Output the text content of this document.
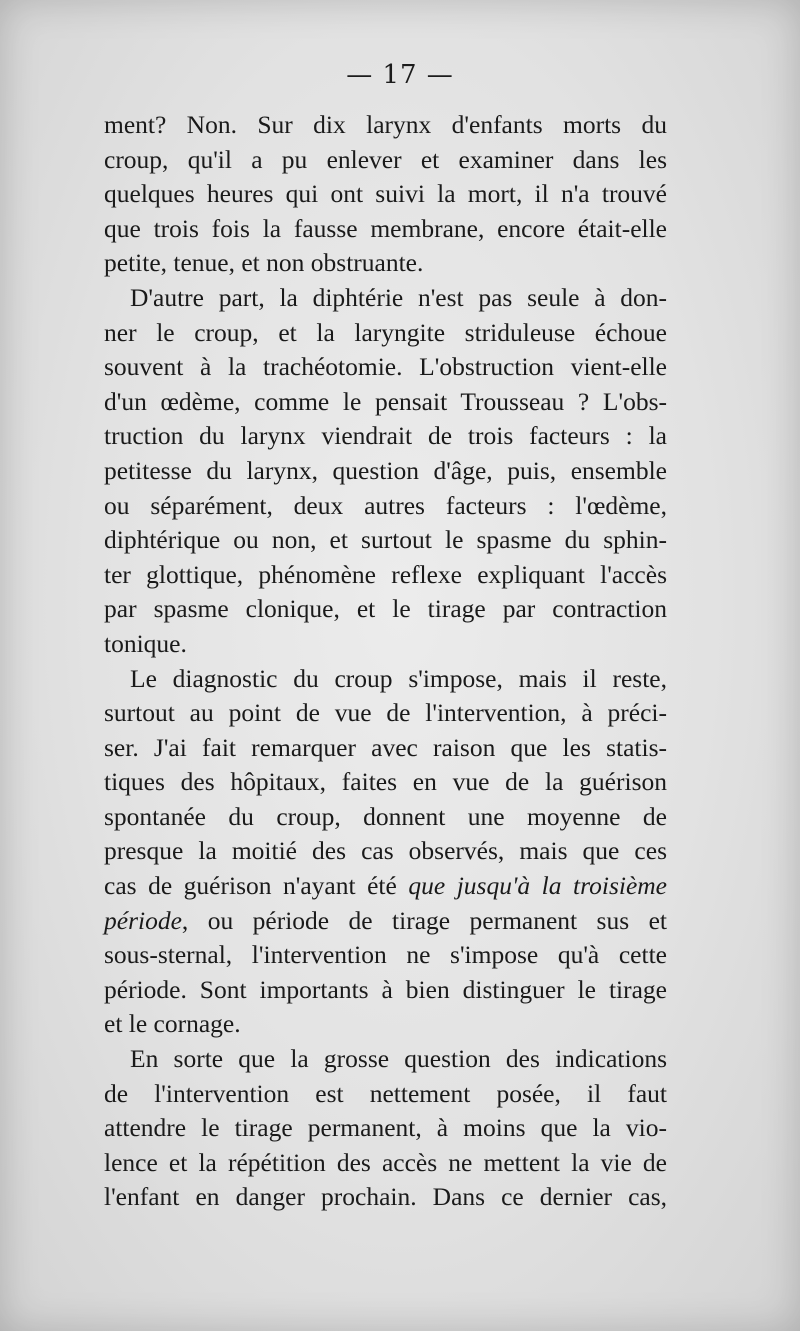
— 17 —
ment? Non. Sur dix larynx d'enfants morts du
croup, qu'il a pu enlever et examiner dans les
quelques heures qui ont suivi la mort, il n'a trouvé
que trois fois la fausse membrane, encore était-elle
petite, tenue, et non obstruante.
D'autre part, la diphtérie n'est pas seule à don-
ner le croup, et la laryngite striduleuse échoue
souvent à la trachéotomie. L'obstruction vient-elle
d'un œdème, comme le pensait Trousseau ? L'obs-
truction du larynx viendrait de trois facteurs : la
petitesse du larynx, question d'âge, puis, ensemble
ou séparément, deux autres facteurs : l'œdème,
diphtérique ou non, et surtout le spasme du sphin-
ter glottique, phénomène reflexe expliquant l'accès
par spasme clonique, et le tirage par contraction
tonique.
Le diagnostic du croup s'impose, mais il reste,
surtout au point de vue de l'intervention, à préci-
ser. J'ai fait remarquer avec raison que les statis-
tiques des hôpitaux, faites en vue de la guérison
spontanée du croup, donnent une moyenne de
presque la moitié des cas observés, mais que ces
cas de guérison n'ayant été que jusqu'à la troisième
période, ou période de tirage permanent sus et
sous-sternal, l'intervention ne s'impose qu'à cette
période. Sont importants à bien distinguer le tirage
et le cornage.
En sorte que la grosse question des indications
de l'intervention est nettement posée, il faut
attendre le tirage permanent, à moins que la vio-
lence et la répétition des accès ne mettent la vie de
l'enfant en danger prochain. Dans ce dernier cas,
